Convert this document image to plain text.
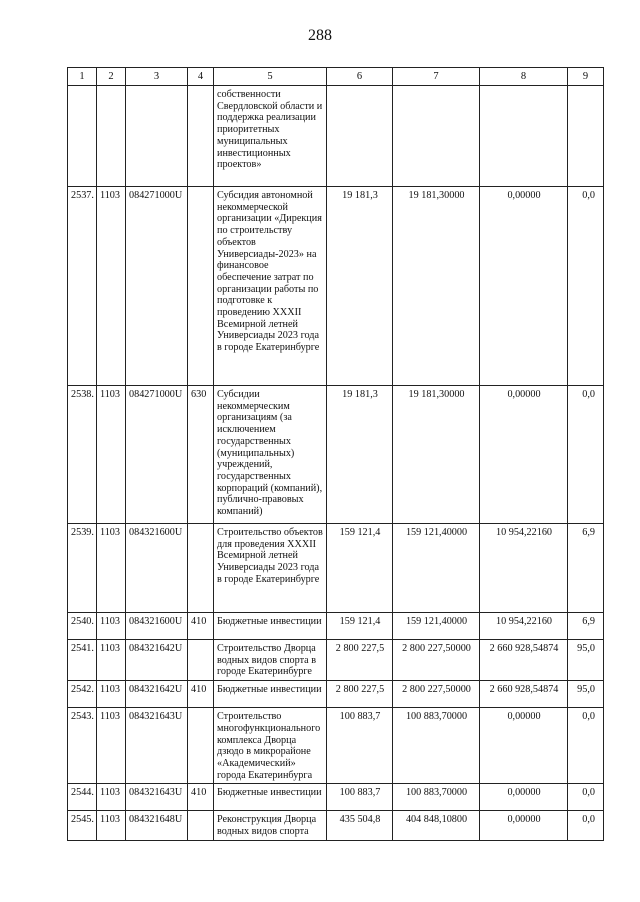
288
1	2	3	4	5	6	7	8	9
				собственности Свердловской области и поддержка реализации приоритетных муниципальных инвестиционных проектов»				
2537.	1103	084271000U		Субсидия автономной некоммерческой организации «Дирекция по строительству объектов Универсиады-2023» на финансовое обеспечение затрат по организации работы по подготовке к проведению XXXII Всемирной летней Универсиады 2023 года в городе Екатеринбурге	19 181,3	19 181,30000	0,00000	0,0
2538.	1103	084271000U	630	Субсидии некоммерческим организациям (за исключением государственных (муниципальных) учреждений, государственных корпораций (компаний), публично-правовых компаний)	19 181,3	19 181,30000	0,00000	0,0
2539.	1103	084321600U		Строительство объектов для проведения XXXII Всемирной летней Универсиады 2023 года в городе Екатеринбурге	159 121,4	159 121,40000	10 954,22160	6,9
2540.	1103	084321600U	410	Бюджетные инвестиции	159 121,4	159 121,40000	10 954,22160	6,9
2541.	1103	084321642U		Строительство Дворца водных видов спорта в городе Екатеринбурге	2 800 227,5	2 800 227,50000	2 660 928,54874	95,0
2542.	1103	084321642U	410	Бюджетные инвестиции	2 800 227,5	2 800 227,50000	2 660 928,54874	95,0
2543.	1103	084321643U		Строительство многофункционального комплекса Дворца дзюдо в микрорайоне «Академический» города Екатеринбурга	100 883,7	100 883,70000	0,00000	0,0
2544.	1103	084321643U	410	Бюджетные инвестиции	100 883,7	100 883,70000	0,00000	0,0
2545.	1103	084321648U		Реконструкция Дворца водных видов спорта	435 504,8	404 848,10800	0,00000	0,0
